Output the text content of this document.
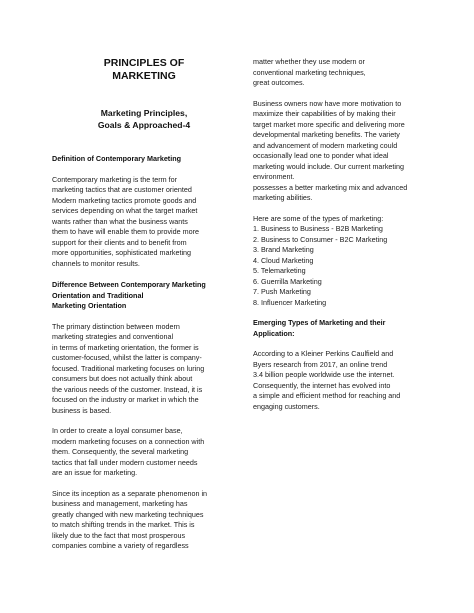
PRINCIPLES OF
MARKETING
Marketing Principles,
Goals & Approached-4
Definition of Contemporary Marketing

Contemporary marketing is the term for
marketing tactics that are customer oriented
Modern marketing tactics promote goods and
services depending on what the target market
wants rather than what the business wants
them to have will enable them to provide more
support for their clients and to benefit from
more opportunities, sophisticated marketing
channels to monitor results.

Difference Between Contemporary Marketing
Orientation and Traditional
Marketing Orientation

The primary distinction between modern
marketing strategies and conventional
in terms of marketing orientation, the former is
customer-focused, whilst the latter is company-
focused. Traditional marketing focuses on luring
consumers but does not actually think about
the various needs of the customer. Instead, it is
focused on the industry or market in which the
business is based.

In order to create a loyal consumer base,
modern marketing focuses on a connection with
them. Consequently, the several marketing
tactics that fall under modern customer needs
are an issue for marketing.

Since its inception as a separate phenomenon in
business and management, marketing has
greatly changed with new marketing techniques
to match shifting trends in the market. This is
likely due to the fact that most prosperous
companies combine a variety of regardless

matter whether they use modern or
conventional marketing techniques,
great outcomes.

Business owners now have more motivation to
maximize their capabilities of by making their
target market more specific and delivering more
developmental marketing benefits. The variety
and advancement of modern marketing could
occasionally lead one to ponder what ideal
marketing would include. Our current marketing
environment.
possesses a better marketing mix and advanced
marketing abilities.

Here are some of the types of marketing:

1. Business to Business - B2B Marketing
2. Business to Consumer - B2C Marketing
3. Brand Marketing
4. Cloud Marketing
5. Telemarketing
6. Guerrilla Marketing
7. Push Marketing
8. Influencer Marketing
Emerging Types of Marketing and their
Application:

According to a Kleiner Perkins Caulfield and
Byers research from 2017, an online trend
3.4 billion people worldwide use the internet.
Consequently, the internet has evolved into
a simple and efficient method for reaching and
engaging customers.
